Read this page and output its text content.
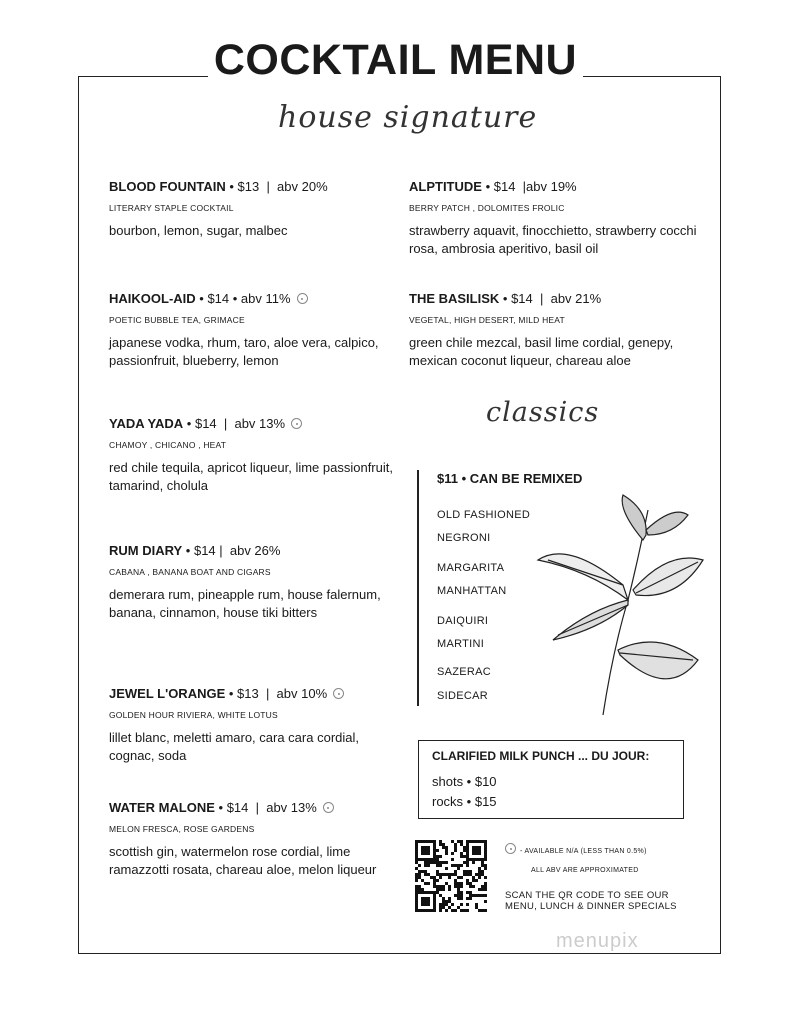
COCKTAIL MENU
house signature
BLOOD FOUNTAIN • $13  |  abv 20%
LITERARY STAPLE COCKTAIL
bourbon, lemon, sugar, malbec
HAIKOOL-AID • $14 • abv 11%
POETIC BUBBLE TEA, GRIMACE
japanese vodka, rhum, taro, aloe vera, calpico, passionfruit, blueberry, lemon
YADA YADA • $14  |  abv 13%
CHAMOY , CHICANO , HEAT
red chile tequila, apricot liqueur, lime passionfruit, tamarind, cholula
RUM DIARY • $14 |  abv 26%
CABANA , BANANA BOAT AND CIGARS
demerara rum, pineapple rum, house falernum, banana, cinnamon, house tiki bitters
JEWEL L'ORANGE • $13  |  abv 10%
GOLDEN HOUR RIVIERA, WHITE LOTUS
lillet blanc, meletti amaro, cara cara cordial, cognac, soda
WATER MALONE • $14  |  abv 13%
MELON FRESCA, ROSE GARDENS
scottish gin, watermelon rose cordial, lime ramazzotti rosata, chareau aloe, melon liqueur
ALPTITUDE • $14  |abv 19%
BERRY PATCH , DOLOMITES FROLIC
strawberry aquavit, finocchietto, strawberry cocchi rosa, ambrosia aperitivo, basil oil
THE BASILISK • $14  |  abv 21%
VEGETAL, HIGH DESERT, MILD HEAT
green chile mezcal, basil lime cordial, genepy, mexican coconut liqueur, chareau aloe
classics
$11 • CAN BE REMIXED
OLD FASHIONED
NEGRONI
MARGARITA
MANHATTAN
DAIQUIRI
MARTINI
SAZERAC
SIDECAR
CLARIFIED MILK PUNCH ... DU JOUR:
shots • $10
rocks • $15
- AVAILABLE N/A (LESS THAN 0.5%)
ALL ABV ARE APPROXIMATED
SCAN THE QR CODE TO SEE OUR
MENU, LUNCH & DINNER SPECIALS
menupix
